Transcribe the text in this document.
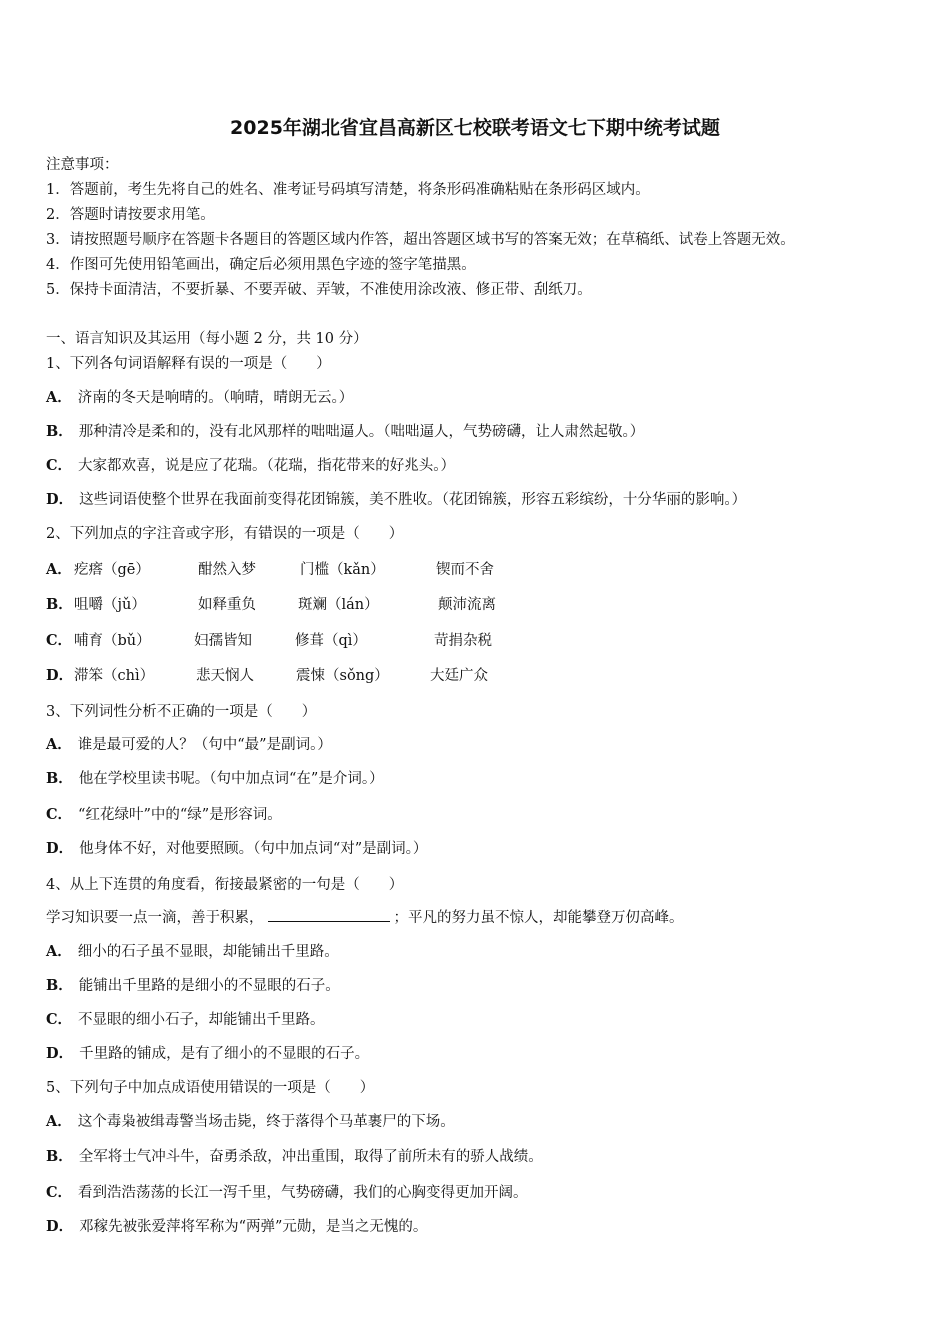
2025年湖北省宜昌高新区七校联考语文七下期中统考试题
注意事项：
1．答题前，考生先将自己的姓名、准考证号码填写清楚，将条形码准确粘贴在条形码区域内。
2．答题时请按要求用笔。
3．请按照题号顺序在答题卡各题目的答题区域内作答，超出答题区域书写的答案无效；在草稿纸、试卷上答题无效。
4．作图可先使用铅笔画出，确定后必须用黑色字迹的签字笔描黑。
5．保持卡面清洁，不要折暴、不要弄破、弄皱，不准使用涂改液、修正带、刮纸刀。
一、语言知识及其运用（每小题 2 分，共 10 分）
1、下列各句词语解释有误的一项是（　　）
A． 济南的冬天是响晴的。（响晴，晴朗无云。）
B． 那种清冷是柔和的，没有北风那样的咄咄逼人。（咄咄逼人，气势磅礴，让人肃然起敬。）
C． 大家都欢喜，说是应了花瑞。（花瑞，指花带来的好兆头。）
D． 这些词语使整个世界在我面前变得花团锦簇，美不胜收。（花团锦簇，形容五彩缤纷，十分华丽的影响。）
2、下列加点的字注音或字形，有错误的一项是（　　）
A． 疙瘩（gē）	酣然入梦	门槛（kǎn）	锲而不舍
B． 咀嚼（jǔ）	如释重负	斑斓（lán）	颠沛流离
C． 哺育（bǔ）	妇孺皆知	修葺（qì）	苛捐杂税
D． 滞笨（chì）	悲天悯人	震悚（sǒng）	大廷广众
3、下列词性分析不正确的一项是（　　）
A． 谁是最可爱的人？（句中“最”是副词。）
B． 他在学校里读书呢。（句中加点词“在”是介词。）
C． “红花绿叶”中的“绿”是形容词。
D． 他身体不好，对他要照顾。（句中加点词“对”是副词。）
4、从上下连贯的角度看，衔接最紧密的一句是（　　）
学习知识要一点一滴，善于积累，	；平凡的努力虽不惊人，却能攀登万仞高峰。
A． 细小的石子虽不显眼，却能铺出千里路。
B． 能铺出千里路的是细小的不显眼的石子。
C． 不显眼的细小石子，却能铺出千里路。
D． 千里路的铺成，是有了细小的不显眼的石子。
5、下列句子中加点成语使用错误的一项是（　　）
A． 这个毒枭被缉毒警当场击毙，终于落得个马革裹尸的下场。
B． 全军将士气冲斗牛，奋勇杀敌，冲出重围，取得了前所未有的骄人战绩。
C． 看到浩浩荡荡的长江一泻千里，气势磅礴，我们的心胸变得更加开阔。
D． 邓稼先被张爱萍将军称为“两弹”元勋，是当之无愧的。
